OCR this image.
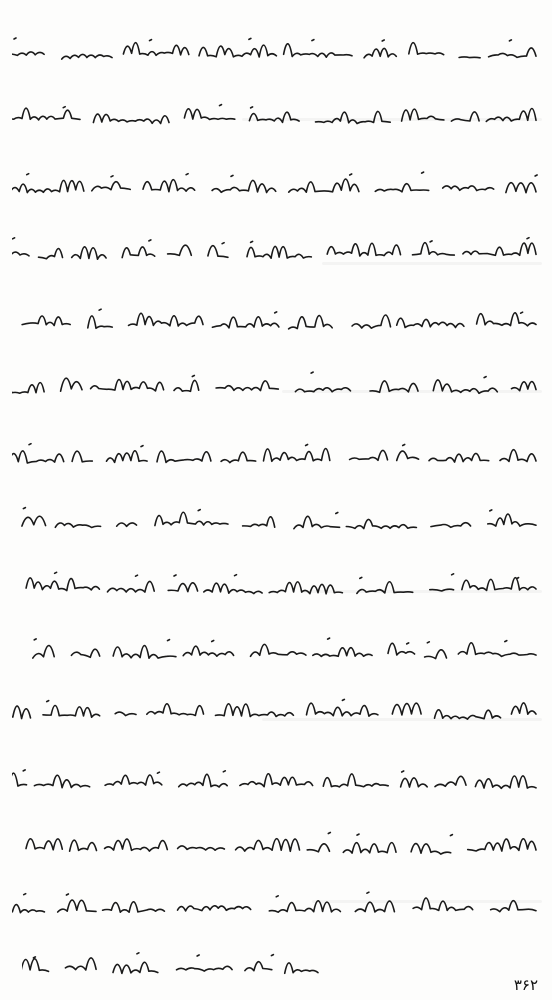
۳۶۲
